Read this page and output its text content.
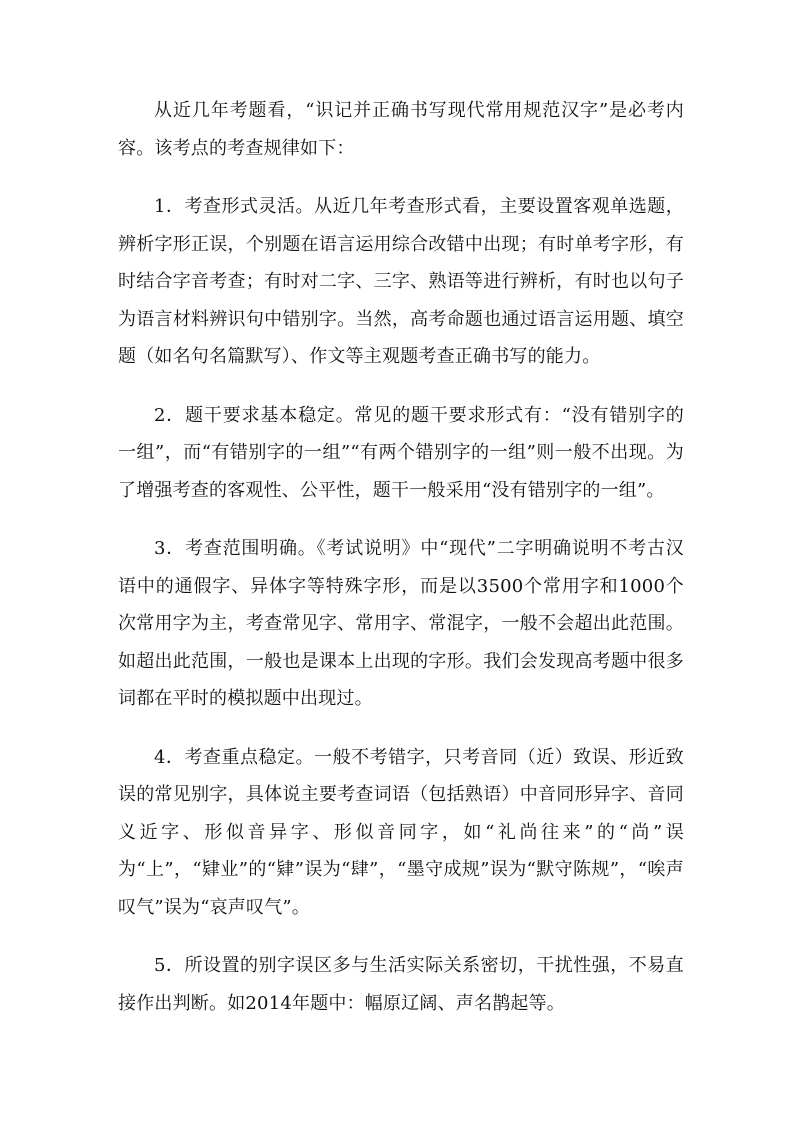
从近几年考题看，“识记并正确书写现代常用规范汉字”是必考内容。该考点的考查规律如下：

1．考查形式灵活。从近几年考查形式看，主要设置客观单选题，辨析字形正误，个别题在语言运用综合改错中出现；有时单考字形，有时结合字音考查；有时对二字、三字、熟语等进行辨析，有时也以句子为语言材料辨识句中错别字。当然，高考命题也通过语言运用题、填空题（如名句名篇默写）、作文等主观题考查正确书写的能力。

2．题干要求基本稳定。常见的题干要求形式有：“没有错别字的一组”，而“有错别字的一组”“有两个错别字的一组”则一般不出现。为了增强考查的客观性、公平性，题干一般采用“没有错别字的一组”。

3．考查范围明确。《考试说明》中“现代”二字明确说明不考古汉语中的通假字、异体字等特殊字形，而是以3500个常用字和1000个次常用字为主，考查常见字、常用字、常混字，一般不会超出此范围。如超出此范围，一般也是课本上出现的字形。我们会发现高考题中很多词都在平时的模拟题中出现过。

4．考查重点稳定。一般不考错字，只考音同（近）致误、形近致误的常见别字，具体说主要考查词语（包括熟语）中音同形异字、音同义近字、形似音异字、形似音同字，如“礼尚往来”的“尚”误为“上”，“肄业”的“肄”误为“肆”，“墨守成规”误为“默守陈规”，“唉声叹气”误为“哀声叹气”。

5．所设置的别字误区多与生活实际关系密切，干扰性强，不易直接作出判断。如2014年题中：幅原辽阔、声名鹊起等。
